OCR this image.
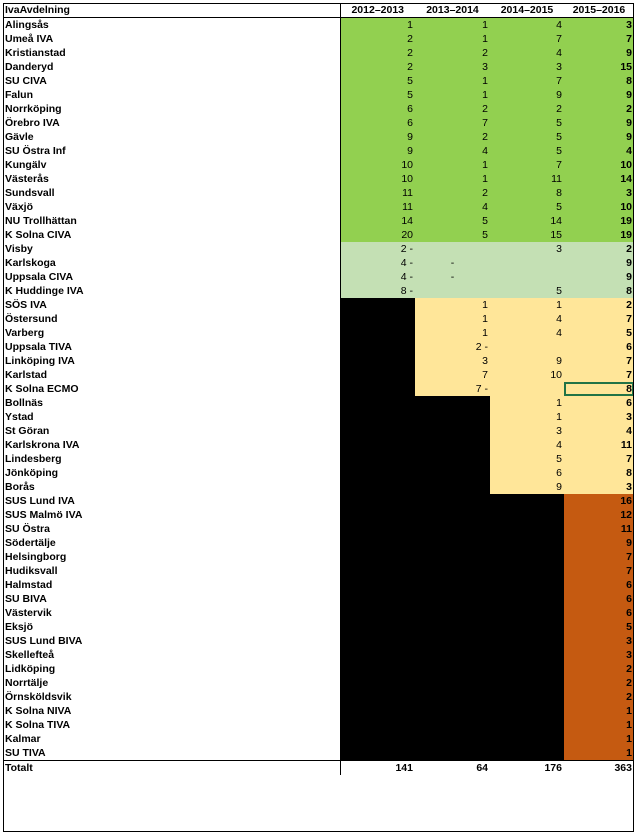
IvaAvdelning	2012–2013	2013–2014	2014–2015	2015–2016
Alingsås	1	1	4	3
Umeå IVA	2	1	7	7
Kristianstad	2	2	4	9
Danderyd	2	3	3	15
SU CIVA	5	1	7	8
Falun	5	1	9	9
Norrköping	6	2	2	2
Örebro IVA	6	7	5	9
Gävle	9	2	5	9
SU Östra Inf	9	4	5	4
Kungälv	10	1	7	10
Västerås	10	1	11	14
Sundsvall	11	2	8	3
Växjö	11	4	5	10
NU Trollhättan	14	5	14	19
K Solna CIVA	20	5	15	19
Visby	2 -		3	2
Karlskoga	4 -	-		9
Uppsala CIVA	4 -	-		9
K Huddinge IVA	8 -		5	8
SÖS IVA		1	1	2
Östersund		1	4	7
Varberg		1	4	5
Uppsala TIVA		2 -		6
Linköping IVA		3	9	7
Karlstad		7	10	7
K Solna ECMO		7 -		8
Bollnäs			1	6
Ystad			1	3
St Göran			3	4
Karlskrona IVA			4	11
Lindesberg			5	7
Jönköping			6	8
Borås			9	3
SUS Lund IVA				16
SUS Malmö IVA				12
SU Östra				11
Södertälje				9
Helsingborg				7
Hudiksvall				7
Halmstad				6
SU BIVA				6
Västervik				6
Eksjö				5
SUS Lund BIVA				3
Skellefteå				3
Lidköping				2
Norrtälje				2
Örnsköldsvik				2
K Solna NIVA				1
K Solna TIVA				1
Kalmar				1
SU TIVA				1
Totalt	141	64	176	363
